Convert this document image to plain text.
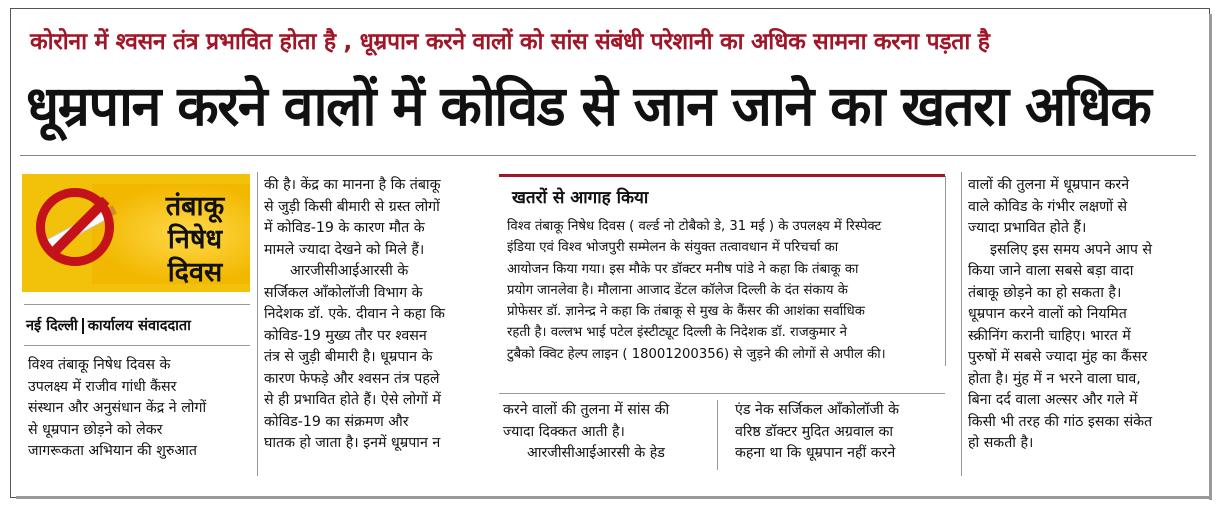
कोरोना में श्वसन तंत्र प्रभावित होता है , धूम्रपान करने वालों को सांस संबंधी परेशानी का अधिक सामना करना पड़ता है
धूम्रपान करने वालों में कोविड से जान जाने का खतरा अधिक
तंबाकू
निषेध दिवस
नई दिल्ली कार्यालय संवाददाता

विश्व तंबाकू निषेध दिवस के

उपलक्ष्य में राजीव गांधी कैंसर

संस्थान और अनुसंधान केंद्र ने लोगों

से धूम्रपान छोड़ने को लेकर

जागरूकता अभियान की शुरुआत

की है। केंद्र का मानना है कि तंबाकू

से जुड़ी किसी बीमारी से ग्रस्त लोगों

में कोविड-19 के कारण मौत के

मामले ज्यादा देखने को मिले हैं।

आरजीसीआईआरसी के

सर्जिकल ऑंकोलॉजी विभाग के

निदेशक डॉ. एके. दीवान ने कहा कि

कोविड-19 मुख्य तौर पर श्वसन

तंत्र से जुड़ी बीमारी है। धूम्रपान के

कारण फेफड़े और श्वसन तंत्र पहले

से ही प्रभावित होते हैं। ऐसे लोगों में

कोविड-19 का संक्रमण और

घातक हो जाता है। इनमें धूम्रपान न

खतरों से आगाह किया
विश्व तंबाकू निषेध दिवस ( वर्ल्ड नो टोबैको डे, 31 मई ) के उपलक्ष्य में रिस्पेक्ट
इंडिया एवं विश्व भोजपुरी सम्मेलन के संयुक्त तत्वावधान में परिचर्चा का
आयोजन किया गया। इस मौके पर डॉक्टर मनीष पांडे ने कहा कि तंबाकू का
प्रयोग जानलेवा है। मौलाना आजाद डेंटल कॉलेज दिल्ली के दंत संकाय के
प्रोफेसर डॉ. ज्ञानेन्द्र ने कहा कि तंबाकू से मुख के कैंसर की आशंका सर्वाधिक
रहती है। वल्लभ भाई पटेल इंस्टीट्यूट दिल्ली के निदेशक डॉ. राजकुमार ने
टुबैको क्विट हेल्प लाइन ( 18001200356) से जुड़ने की लोगों से अपील की।

करने वालों की तुलना में सांस की

ज्यादा दिक्कत आती है।

आरजीसीआईआरसी के हेड

एंड नेक सर्जिकल ऑंकोलॉजी के

वरिष्ठ डॉक्टर मुदित अग्रवाल का

कहना था कि धूम्रपान नहीं करने

वालों की तुलना में धूम्रपान करने

वाले कोविड के गंभीर लक्षणों से

ज्यादा प्रभावित होते हैं।

इसलिए इस समय अपने आप से

किया जाने वाला सबसे बड़ा वादा

तंबाकू छोड़ने का हो सकता है।

धूम्रपान करने वालों को नियमित

स्क्रीनिंग करानी चाहिए। भारत में

पुरुषों में सबसे ज्यादा मुंह का कैंसर

होता है। मुंह में न भरने वाला घाव,

बिना दर्द वाला अल्सर और गले में

किसी भी तरह की गांठ इसका संकेत

हो सकती है।
